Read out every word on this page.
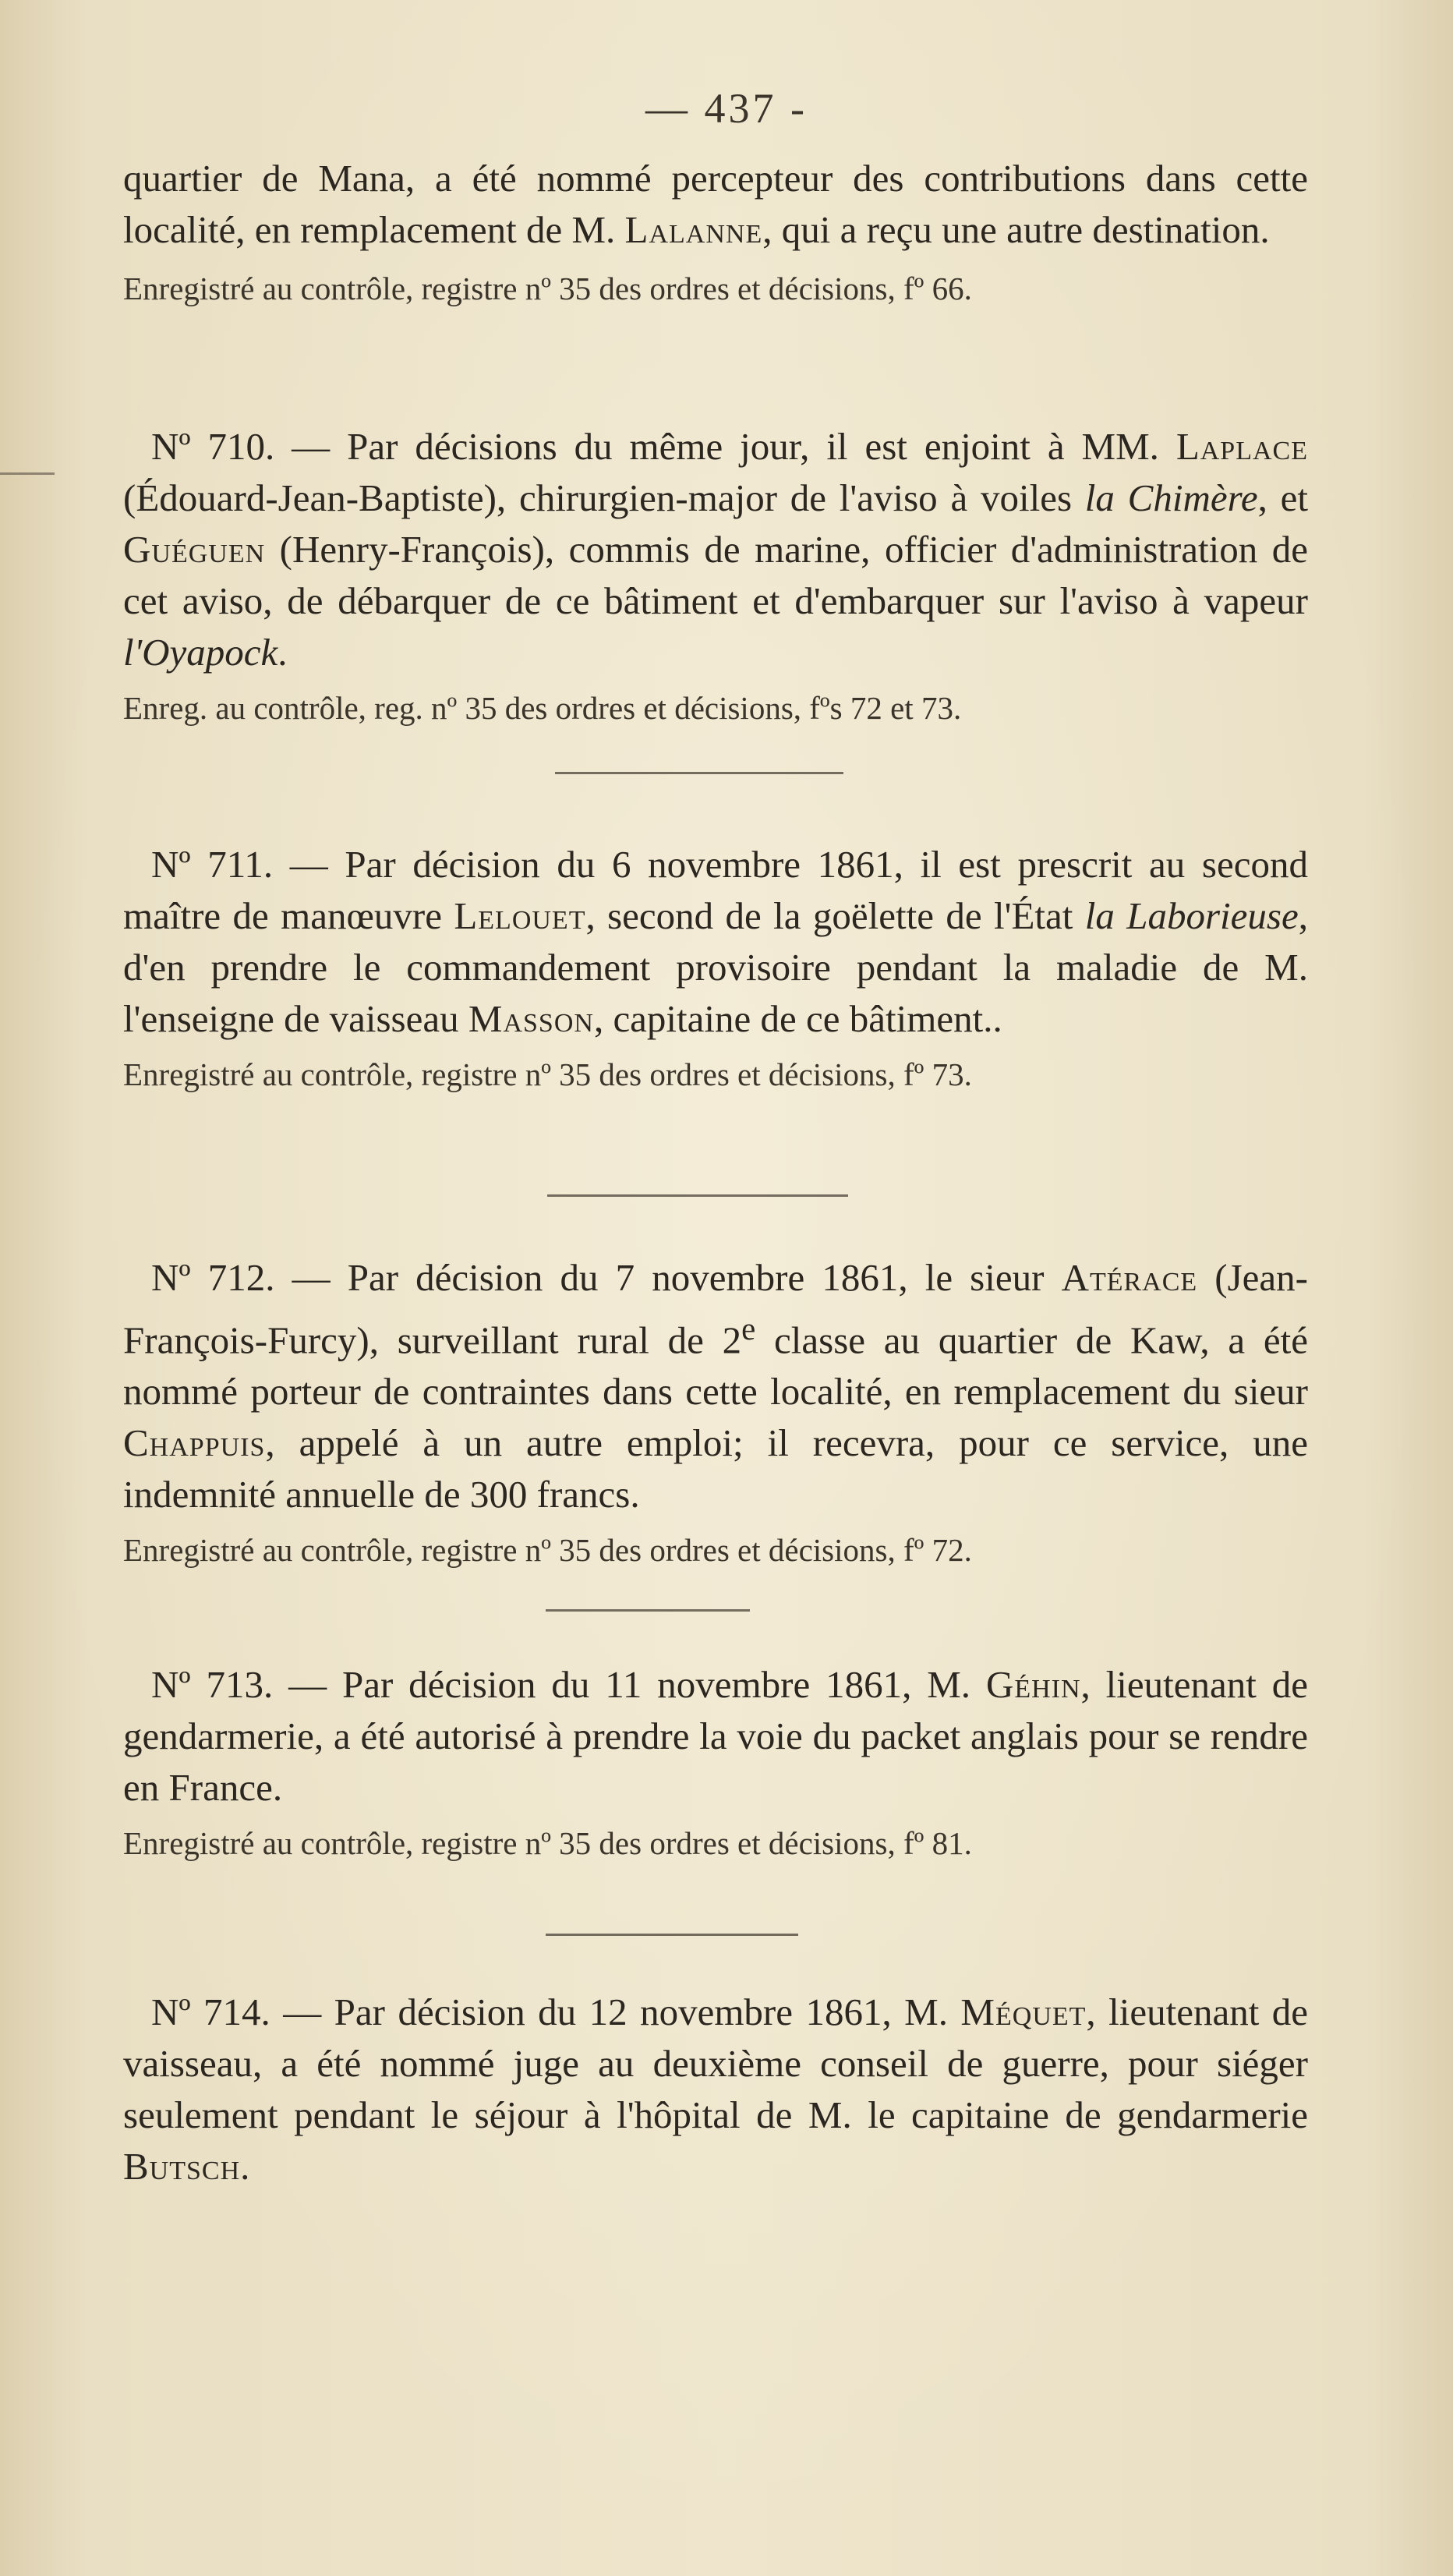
— 437 -

quartier de Mana, a été nommé percepteur des contributions dans cette localité, en remplacement de M. Lalanne, qui a reçu une autre destination.

Enregistré au contrôle, registre nº 35 des ordres et décisions, fº 66.

Nº 710. — Par décisions du même jour, il est enjoint à MM. Laplace (Édouard-Jean-Baptiste), chirurgien-major de l'aviso à voiles la Chimère, et Guéguen (Henry-François), commis de marine, officier d'administration de cet aviso, de débarquer de ce bâtiment et d'embarquer sur l'aviso à vapeur l'Oyapock.

Enreg. au contrôle, reg. nº 35 des ordres et décisions, fºs 72 et 73.

Nº 711. — Par décision du 6 novembre 1861, il est prescrit au second maître de manœuvre Lelouet, second de la goëlette de l'État la Laborieuse, d'en prendre le commandement provisoire pendant la maladie de M. l'enseigne de vaisseau Masson, capitaine de ce bâtiment..

Enregistré au contrôle, registre nº 35 des ordres et décisions, fº 73.

Nº 712. — Par décision du 7 novembre 1861, le sieur Atérace (Jean-François-Furcy), surveillant rural de 2e classe au quartier de Kaw, a été nommé porteur de contraintes dans cette localité, en remplacement du sieur Chappuis, appelé à un autre emploi; il recevra, pour ce service, une indemnité annuelle de 300 francs.

Enregistré au contrôle, registre nº 35 des ordres et décisions, fº 72.

Nº 713. — Par décision du 11 novembre 1861, M. Géhin, lieutenant de gendarmerie, a été autorisé à prendre la voie du packet anglais pour se rendre en France.

Enregistré au contrôle, registre nº 35 des ordres et décisions, fº 81.

Nº 714. — Par décision du 12 novembre 1861, M. Méquet, lieutenant de vaisseau, a été nommé juge au deuxième conseil de guerre, pour siéger seulement pendant le séjour à l'hôpital de M. le capitaine de gendarmerie Butsch.
